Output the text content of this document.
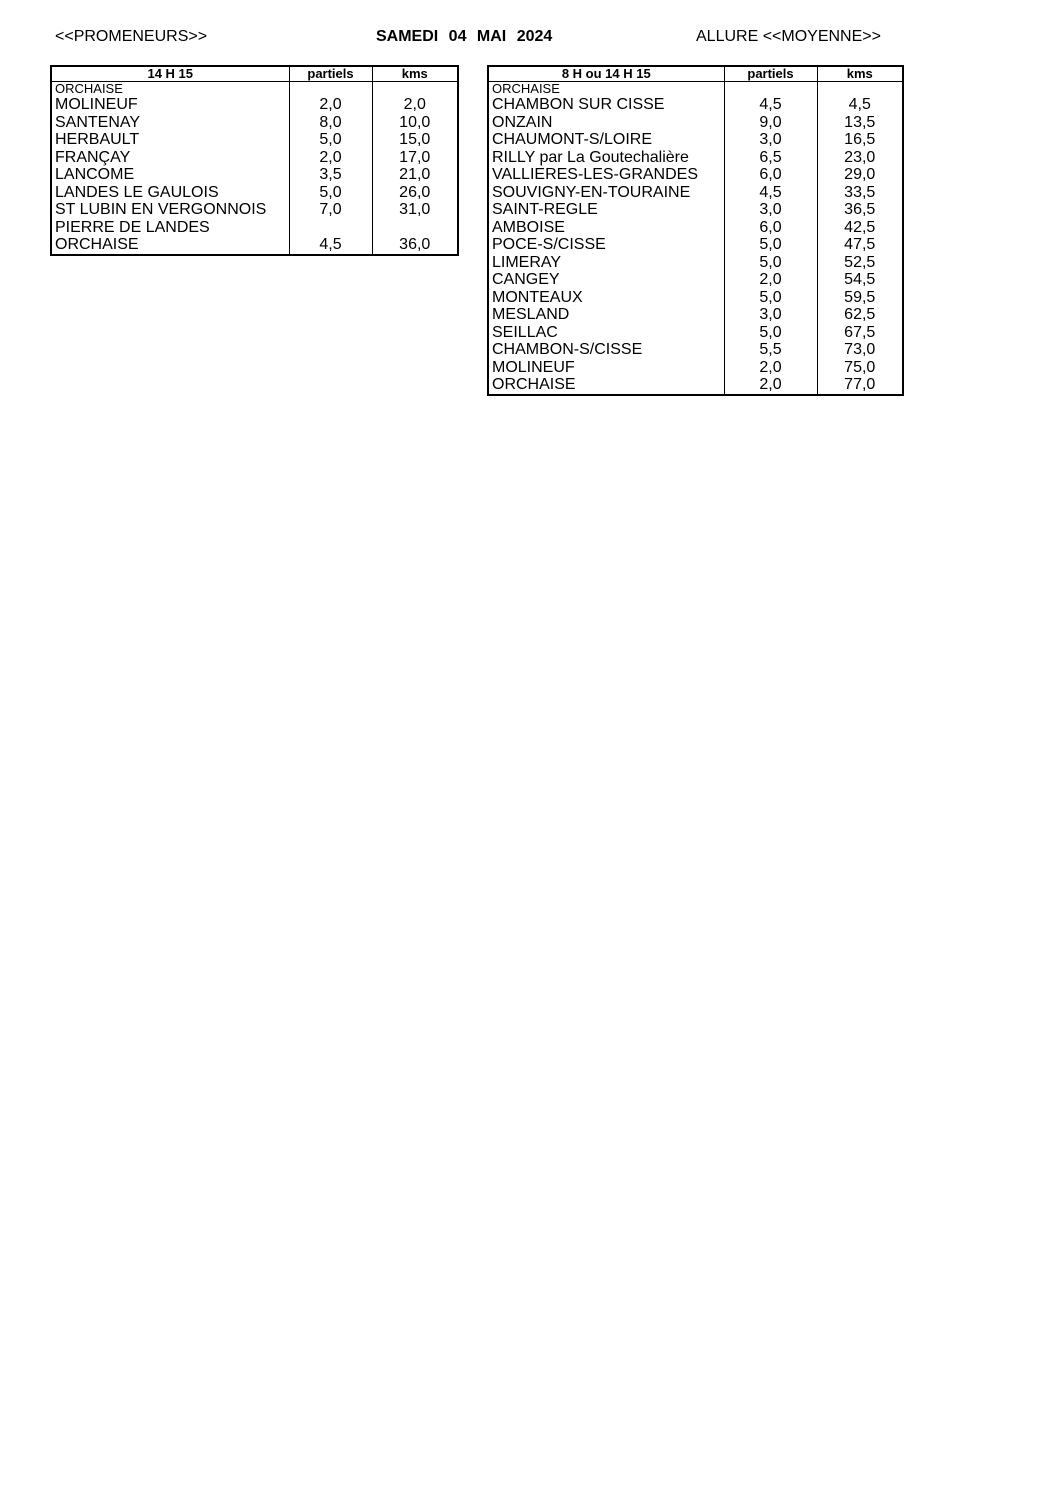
<<PROMENEURS>>	SAMEDI 04 MAI 2024	ALLURE <<MOYENNE>>
14 H 15	partiels	kms
ORCHAISE		
MOLINEUF	2,0	2,0
SANTENAY	8,0	10,0
HERBAULT	5,0	15,0
FRANÇAY	2,0	17,0
LANCOME	3,5	21,0
LANDES LE GAULOIS	5,0	26,0
ST LUBIN EN VERGONNOIS	7,0	31,0
PIERRE DE LANDES		
ORCHAISE	4,5	36,0
8 H ou 14 H 15	partiels	kms
ORCHAISE		
CHAMBON SUR CISSE	4,5	4,5
ONZAIN	9,0	13,5
CHAUMONT-S/LOIRE	3,0	16,5
RILLY par La Goutechalière	6,5	23,0
VALLIERES-LES-GRANDES	6,0	29,0
SOUVIGNY-EN-TOURAINE	4,5	33,5
SAINT-REGLE	3,0	36,5
AMBOISE	6,0	42,5
POCE-S/CISSE	5,0	47,5
LIMERAY	5,0	52,5
CANGEY	2,0	54,5
MONTEAUX	5,0	59,5
MESLAND	3,0	62,5
SEILLAC	5,0	67,5
CHAMBON-S/CISSE	5,5	73,0
MOLINEUF	2,0	75,0
ORCHAISE	2,0	77,0
